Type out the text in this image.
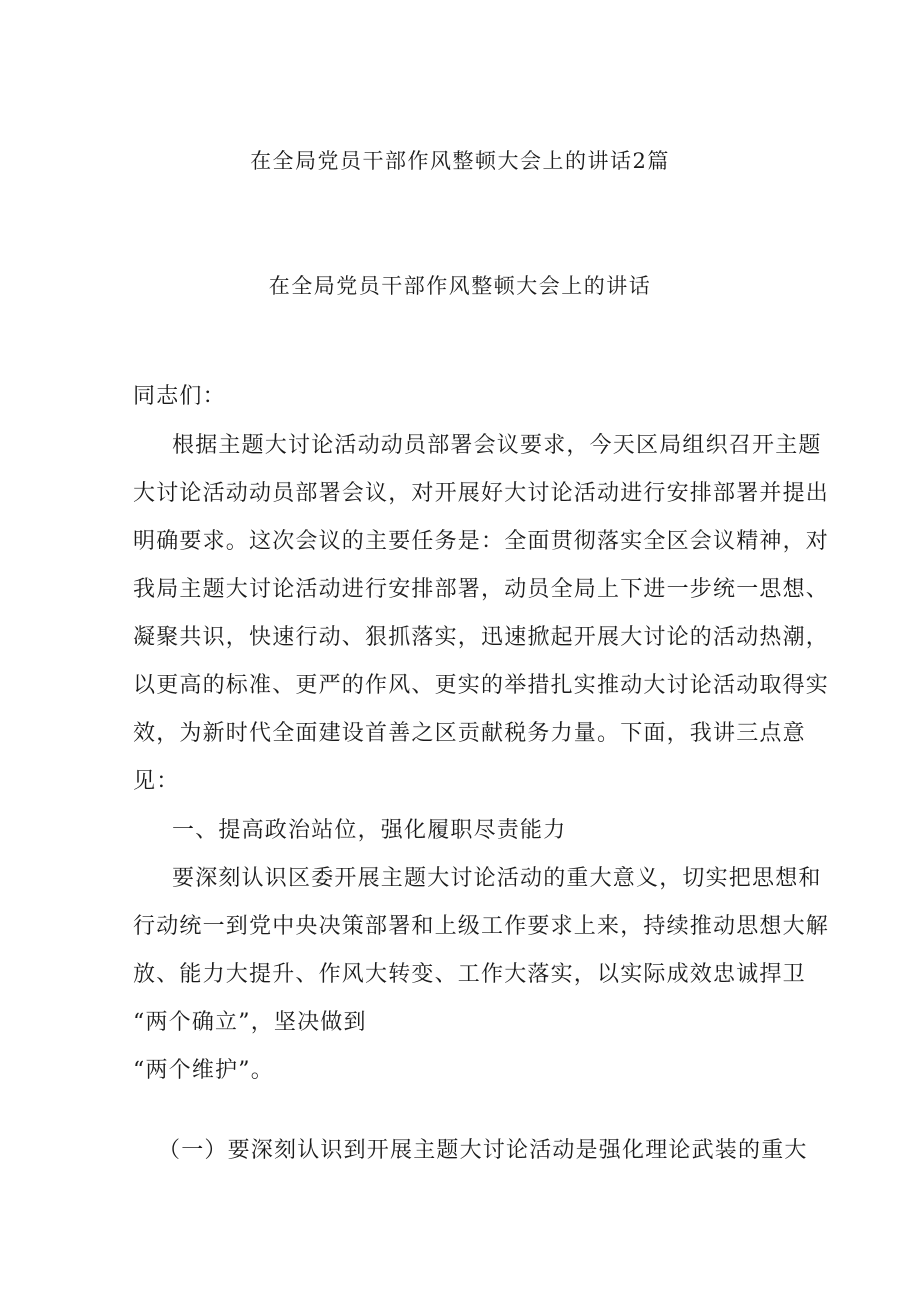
在全局党员干部作风整顿大会上的讲话2篇
在全局党员干部作风整顿大会上的讲话
同志们：
根据主题大讨论活动动员部署会议要求，今天区局组织召开主题
大讨论活动动员部署会议，对开展好大讨论活动进行安排部署并提出
明确要求。这次会议的主要任务是：全面贯彻落实全区会议精神，对
我局主题大讨论活动进行安排部署，动员全局上下进一步统一思想、
凝聚共识，快速行动、狠抓落实，迅速掀起开展大讨论的活动热潮，
以更高的标准、更严的作风、更实的举措扎实推动大讨论活动取得实
效，为新时代全面建设首善之区贡献税务力量。下面，我讲三点意
见：
一、提高政治站位，强化履职尽责能力
要深刻认识区委开展主题大讨论活动的重大意义，切实把思想和
行动统一到党中央决策部署和上级工作要求上来，持续推动思想大解
放、能力大提升、作风大转变、工作大落实，以实际成效忠诚捍卫
“两个确立”，坚决做到
“两个维护”。
（一）要深刻认识到开展主题大讨论活动是强化理论武装的重大
